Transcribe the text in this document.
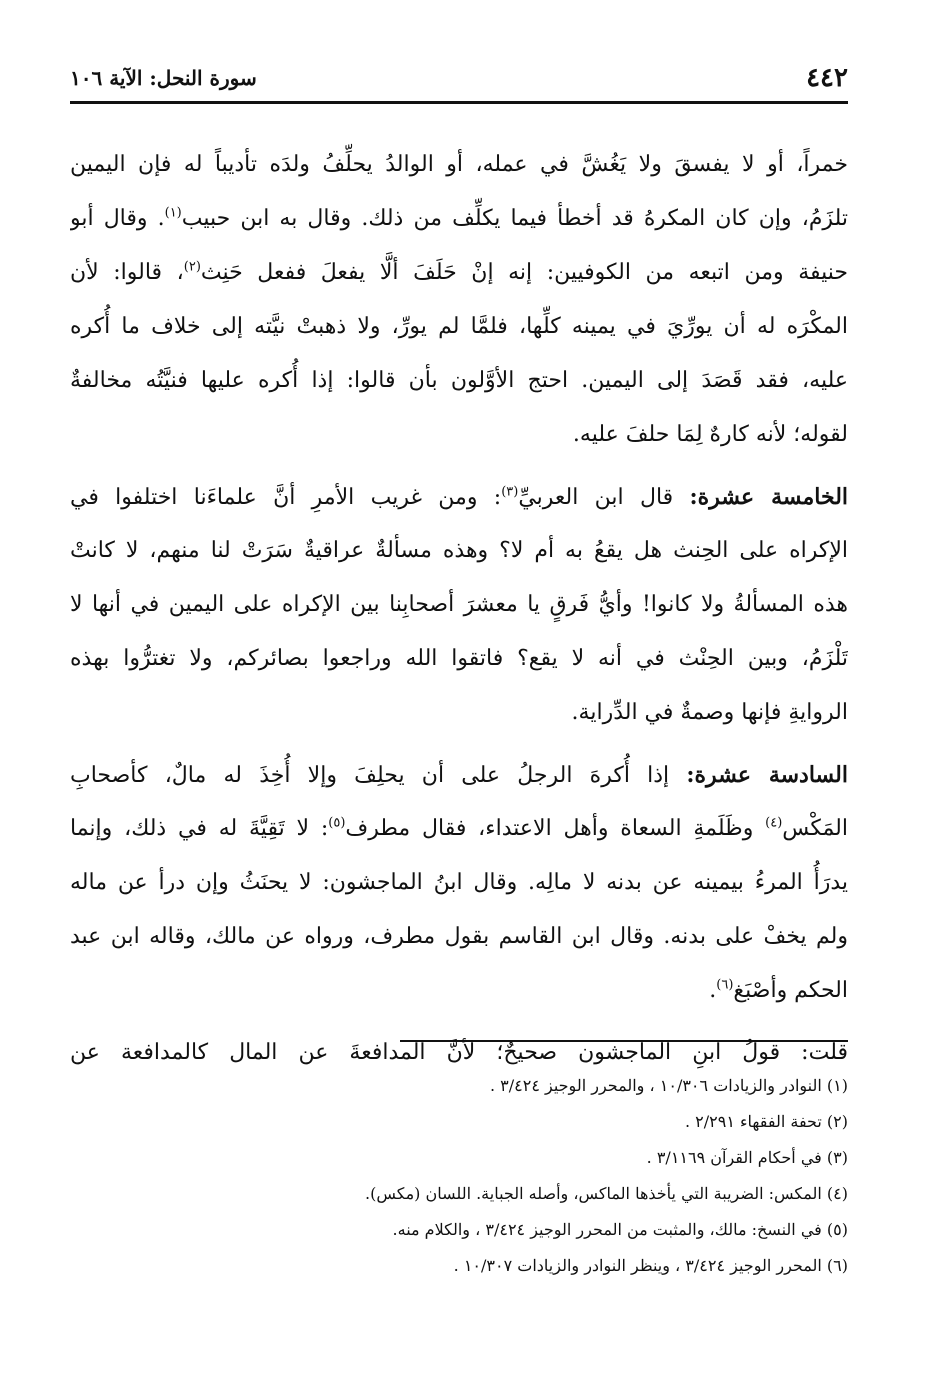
٤٤٢
سورة النحل: الآية ١٠٦
خمراً، أو لا يفسقَ ولا يَغُشَّ في عمله، أو الوالدُ يحلِّفُ ولدَه تأديباً له فإن اليمين
تلزَمُ، وإن كان المكرهُ قد أخطأ فيما يكلِّف من ذلك. وقال به ابن حبيب$^{(١)}$. وقال أبو
حنيفة ومن اتبعه من الكوفيين: إنه إنْ حَلَفَ ألَّا يفعلَ ففعل حَنِث$^{(٢)}$، قالوا: لأن
المكْرَه له أن يورِّيَ في يمينه كلِّها، فلمَّا لم يورِّ، ولا ذهبتْ نيَّته إلى خلاف ما أُكره
عليه، فقد قَصَدَ إلى اليمين. احتج الأوَّلون بأن قالوا: إذا أُكره عليها فنيَّتُه مخالفةٌ
لقوله؛ لأنه كارهٌ لِمَا حلفَ عليه.
الخامسة عشرة: قال ابن العربيِّ$^{(٣)}$: ومن غريب الأمرِ أنَّ علماءَنا اختلفوا في
الإكراه على الحِنث هل يقعُ به أم لا؟ وهذه مسألةٌ عراقيةٌ سَرَتْ لنا منهم، لا كانتْ
هذه المسألةُ ولا كانوا! وأيُّ فَرقٍ يا معشرَ أصحابِنا بين الإكراه على اليمين في أنها لا
تَلْزَمُ، وبين الحِنْث في أنه لا يقع؟ فاتقوا الله وراجعوا بصائركم، ولا تغترُّوا بهذه
الروايةِ فإنها وصمةٌ في الدِّراية.
السادسة عشرة: إذا أُكرهَ الرجلُ على أن يحلِفَ وإلا أُخِذَ له مالٌ، كأصحابِ
المَكْس$^{(٤)}$ وظَلَمةِ السعاة وأهل الاعتداء، فقال مطرف$^{(٥)}$: لا تَقِيَّةَ له في ذلك، وإنما
يدرَأُ المرءُ بيمينه عن بدنه لا مالِه. وقال ابنُ الماجشون: لا يحنَثُ وإن درأ عن ماله
ولم يخفْ على بدنه. وقال ابن القاسم بقول مطرف، ورواه عن مالك، وقاله ابن عبد
الحكم وأصْبَغ$^{(٦)}$.
قلت: قولُ ابنِ الماجشون صحيحٌ؛ لأنَّ المدافعةَ عن المال كالمدافعة عن
(١) النوادر والزيادات ١٠/٣٠٦ ، والمحرر الوجيز ٣/٤٢٤ .
(٢) تحفة الفقهاء ٢/٢٩١ .
(٣) في أحكام القرآن ٣/١١٦٩ .
(٤) المكس: الضريبة التي يأخذها الماكس، وأصله الجباية. اللسان (مكس).
(٥) في النسخ: مالك، والمثبت من المحرر الوجيز ٣/٤٢٤ ، والكلام منه.
(٦) المحرر الوجيز ٣/٤٢٤ ، وينظر النوادر والزيادات ١٠/٣٠٧ .
